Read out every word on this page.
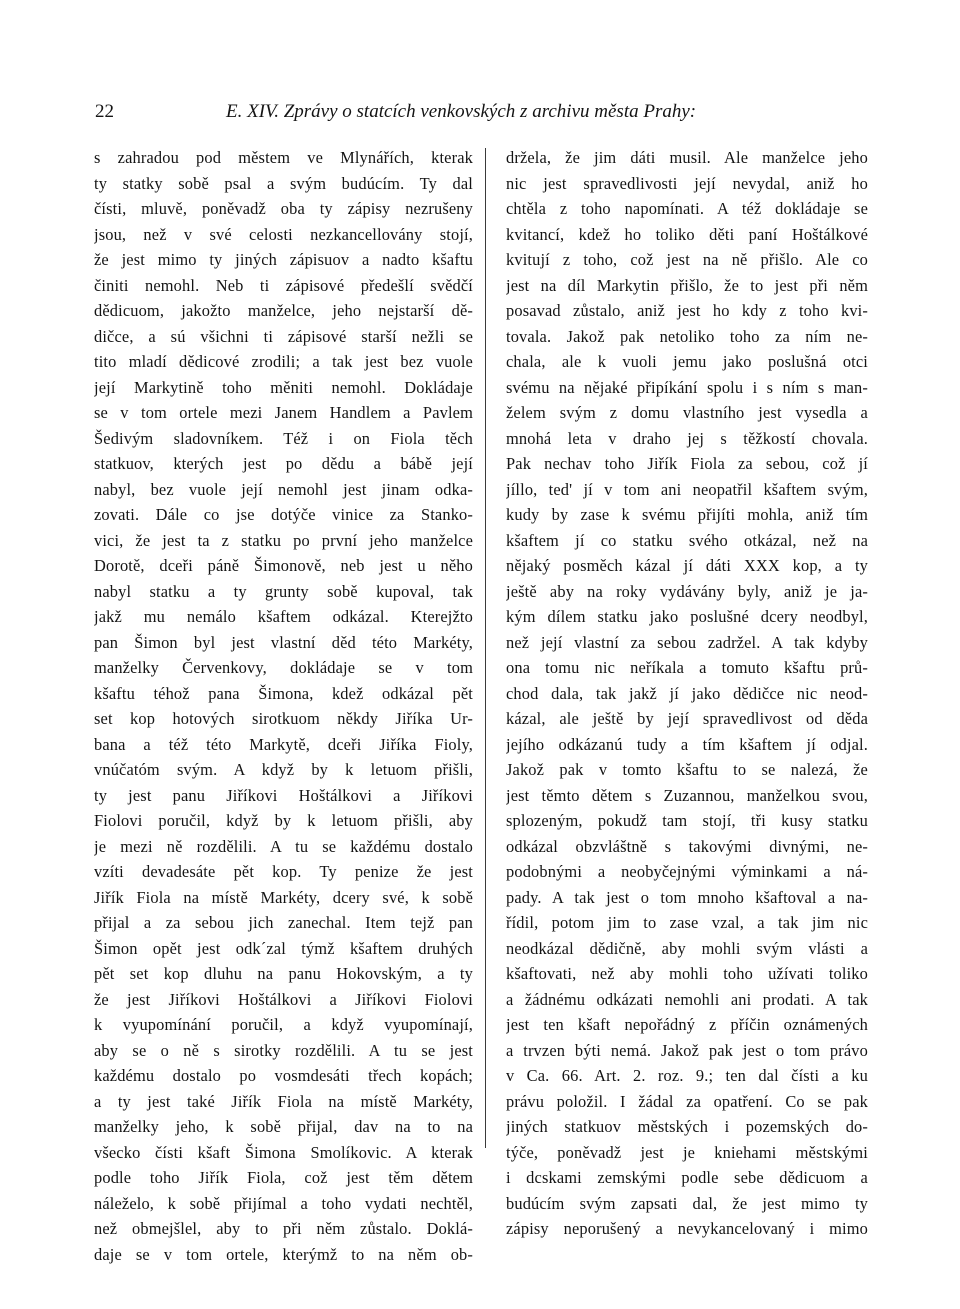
22	E. XIV. Zprávy o statcích venkovských z archivu města Prahy:
s zahradou pod městem ve Mlynářích, kterak
ty statky sobě psal a svým budúcím. Ty dal
čísti, mluvě, poněvadž oba ty zápisy nezrušeny
jsou, než v své celosti nezkancellovány stojí,
že jest mimo ty jiných zápisuov a nadto kšaftu
činiti nemohl. Neb ti zápisové předešlí svědčí
dědicuom, jakožto manželce, jeho nejstarší dě-
dičce, a sú všichni ti zápisové starší nežli se
tito mladí dědicové zrodili; a tak jest bez vuole
její Markytině toho měniti nemohl. Dokládaje
se v tom ortele mezi Janem Handlem a Pavlem
Šedivým sladovníkem. Též i on Fiola těch
statkuov, kterých jest po dědu a bábě její
nabyl, bez vuole její nemohl jest jinam odka-
zovati. Dále co jse dotýče vinice za Stanko-
vici, že jest ta z statku po první jeho manželce
Dorotě, dceři páně Šimonově, neb jest u něho
nabyl statku a ty grunty sobě kupoval, tak
jakž mu nemálo kšaftem odkázal. Kterejžto
pan Šimon byl jest vlastní děd této Markéty,
manželky Červenkovy, dokládaje se v tom
kšaftu téhož pana Šimona, kdež odkázal pět
set kop hotových sirotkuom někdy Jiříka Ur-
bana a též této Markytě, dceři Jiříka Fioly,
vnúčatóm svým. A když by k letuom přišli,
ty jest panu Jiříkovi Hoštálkovi a Jiříkovi
Fiolovi poručil, když by k letuom přišli, aby
je mezi ně rozdělili. A tu se každému dostalo
vzíti devadesáte pět kop. Ty penize že jest
Jiřík Fiola na místě Markéty, dcery své, k sobě
přijal a za sebou jich zanechal. Item tejž pan
Šimon opět jest odk´zal týmž kšaftem druhých
pět set kop dluhu na panu Hokovským, a ty
že jest Jiříkovi Hoštálkovi a Jiříkovi Fiolovi
k vyupomínání poručil, a když vyupomínají,
aby se o ně s sirotky rozdělili. A tu se jest
každému dostalo po vosmdesáti třech kopách;
a ty jest také Jiřík Fiola na místě Markéty,
manželky jeho, k sobě přijal, dav na to na
všecko čísti kšaft Šimona Smolíkovic. A kterak
podle toho Jiřík Fiola, což jest těm dětem
náleželo, k sobě přijímal a toho vydati nechtěl,
než obmejšlel, aby to při něm zůstalo. Doklá-
daje se v tom ortele, kterýmž to na něm ob-
držela, že jim dáti musil. Ale manželce jeho
nic jest spravedlivosti její nevydal, aniž ho
chtěla z toho napomínati. A též dokládaje se
kvitancí, kdež ho toliko děti paní Hoštálkové
kvitují z toho, což jest na ně přišlo. Ale co
jest na díl Markytin přišlo, že to jest při něm
posavad zůstalo, aniž jest ho kdy z toho kvi-
tovala. Jakož pak netoliko toho za ním ne-
chala, ale k vuoli jemu jako poslušná otci
svému na nějaké připíkání spolu i s ním s man-
želem svým z domu vlastního jest vysedla a
mnohá leta v draho jej s těžkostí chovala.
Pak nechav toho Jiřík Fiola za sebou, což jí
jíllo, ted' jí v tom ani neopatřil kšaftem svým,
kudy by zase k svému přijíti mohla, aniž tím
kšaftem jí co statku svého otkázal, než na
nějaký posměch kázal jí dáti XXX kop, a ty
ještě aby na roky vydávány byly, aniž je ja-
kým dílem statku jako poslušné dcery neodbyl,
než její vlastní za sebou zadržel. A tak kdyby
ona tomu nic neříkala a tomuto kšaftu prů-
chod dala, tak jakž jí jako dědičce nic neod-
kázal, ale ještě by její spravedlivost od děda
jejího odkázanú tudy a tím kšaftem jí odjal.
Jakož pak v tomto kšaftu to se nalezá, že
jest těmto dětem s Zuzannou, manželkou svou,
splozeným, pokudž tam stojí, tři kusy statku
odkázal obzvláštně s takovými divnými, ne-
podobnými a neobyčejnými výminkami a ná-
pady. A tak jest o tom mnoho kšaftoval a na-
řídil, potom jim to zase vzal, a tak jim nic
neodkázal dědičně, aby mohli svým vlásti a
kšaftovati, než aby mohli toho užívati toliko
a žádnému odkázati nemohli ani prodati. A tak
jest ten kšaft nepořádný z příčin oznámených
a trvzen býti nemá. Jakož pak jest o tom právo
v Ca. 66. Art. 2. roz. 9.; ten dal čísti a ku
právu položil. I žádal za opatření. Co se pak
jiných statkuov městských i pozemských do-
týče, poněvadž jest je kniehami městskými
i dcskami zemskými podle sebe dědicuom a
budúcím svým zapsati dal, že jest mimo ty
zápisy neporušený a nevykancelovaný i mimo
